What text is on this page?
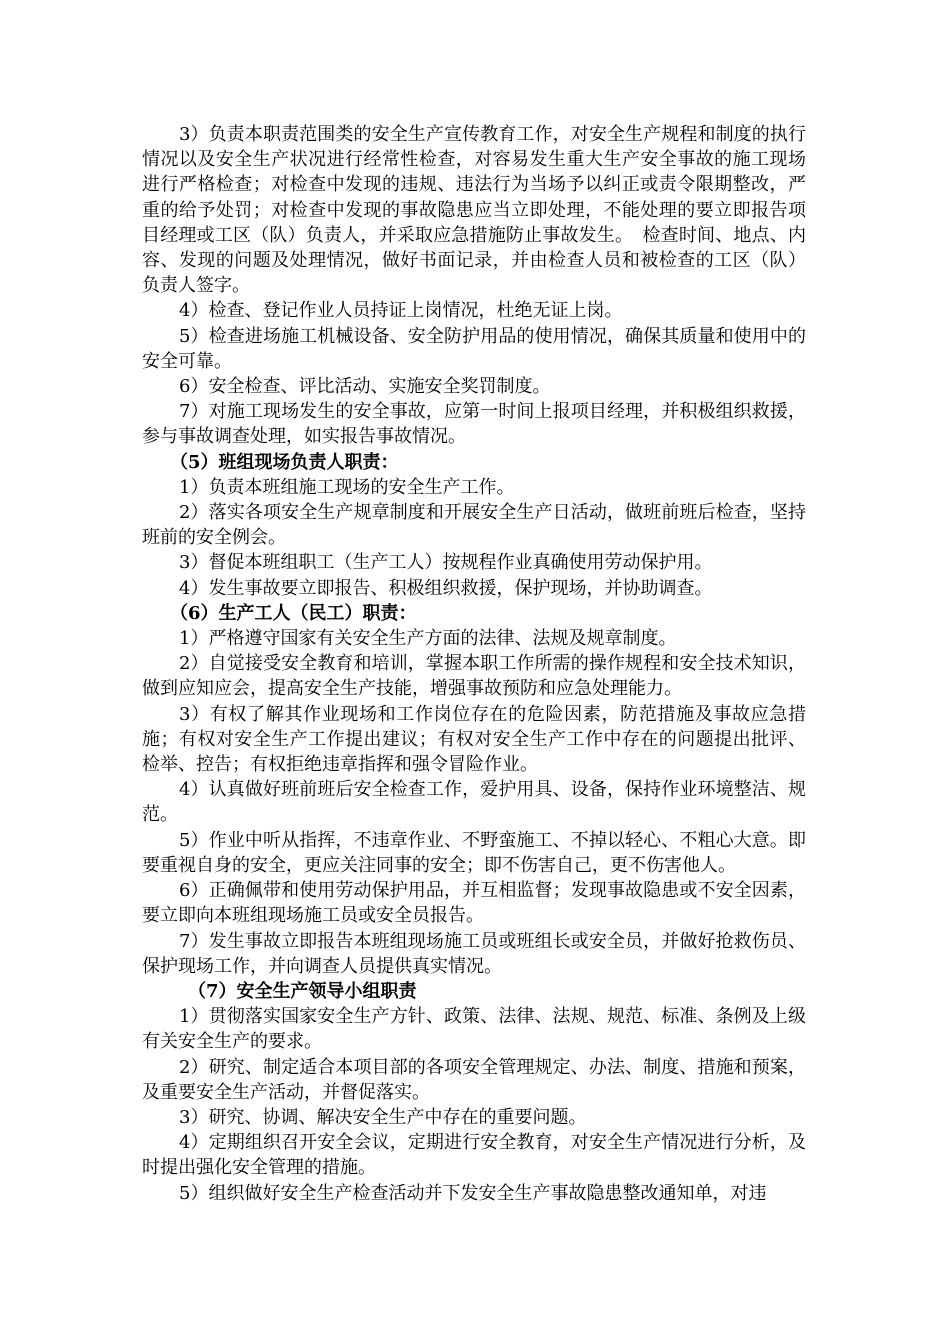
3）负责本职责范围类的安全生产宣传教育工作，对安全生产规程和制度的执行情况以及安全生产状况进行经常性检查，对容易发生重大生产安全事故的施工现场进行严格检查；对检查中发现的违规、违法行为当场予以纠正或责令限期整改，严重的给予处罚；对检查中发现的事故隐患应当立即处理，不能处理的要立即报告项目经理或工区（队）负责人，并采取应急措施防止事故发生。　检查时间、地点、内容、发现的问题及处理情况，做好书面记录，并由检查人员和被检查的工区（队）负责人签字。

4）检查、登记作业人员持证上岗情况，杜绝无证上岗。

5）检查进场施工机械设备、安全防护用品的使用情况，确保其质量和使用中的安全可靠。

6）安全检查、评比活动、实施安全奖罚制度。

7）对施工现场发生的安全事故，应第一时间上报项目经理，并积极组织救援，参与事故调查处理，如实报告事故情况。

（5）班组现场负责人职责：

1）负责本班组施工现场的安全生产工作。

2）落实各项安全生产规章制度和开展安全生产日活动，做班前班后检查，坚持班前的安全例会。

3）督促本班组职工（生产工人）按规程作业真确使用劳动保护用。

4）发生事故要立即报告、积极组织救援，保护现场，并协助调查。

（6）生产工人（民工）职责：

1）严格遵守国家有关安全生产方面的法律、法规及规章制度。

2）自觉接受安全教育和培训，掌握本职工作所需的操作规程和安全技术知识，做到应知应会，提高安全生产技能，增强事故预防和应急处理能力。

3）有权了解其作业现场和工作岗位存在的危险因素，防范措施及事故应急措施；有权对安全生产工作提出建议；有权对安全生产工作中存在的问题提出批评、检举、控告；有权拒绝违章指挥和强令冒险作业。

4）认真做好班前班后安全检查工作，爱护用具、设备，保持作业环境整洁、规范。

5）作业中听从指挥，不违章作业、不野蛮施工、不掉以轻心、不粗心大意。即要重视自身的安全，更应关注同事的安全；即不伤害自己，更不伤害他人。

6）正确佩带和使用劳动保护用品，并互相监督；发现事故隐患或不安全因素，要立即向本班组现场施工员或安全员报告。

7）发生事故立即报告本班组现场施工员或班组长或安全员，并做好抢救伤员、保护现场工作，并向调查人员提供真实情况。

（7）安全生产领导小组职责

1）贯彻落实国家安全生产方针、政策、法律、法规、规范、标准、条例及上级有关安全生产的要求。

2）研究、制定适合本项目部的各项安全管理规定、办法、制度、措施和预案，及重要安全生产活动，并督促落实。

3）研究、协调、解决安全生产中存在的重要问题。

4）定期组织召开安全会议，定期进行安全教育，对安全生产情况进行分析，及时提出强化安全管理的措施。

5）组织做好安全生产检查活动并下发安全生产事故隐患整改通知单，对违
